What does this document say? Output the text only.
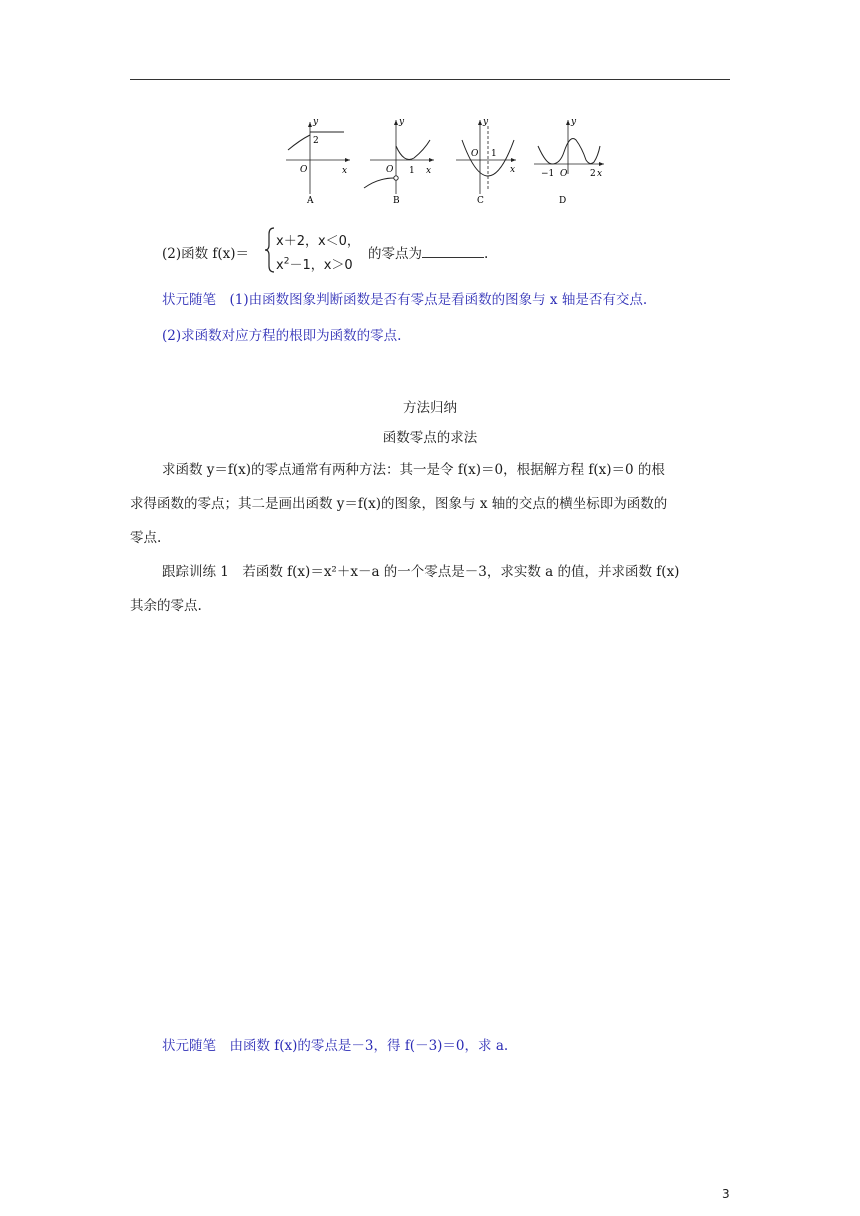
y
x
O
2
A
y
x
O 1
B
y
x
O 1
C
y
x
O
−1	2
D
(2)函数 f(x)＝
x＋2，x＜0，
$x^2-1$，x＞0
的零点为	.
状元随笔　(1)由函数图象判断函数是否有零点是看函数的图象与 x 轴是否有交点.
(2)求函数对应方程的根即为函数的零点.
方法归纳
函数零点的求法
求函数 y＝f(x)的零点通常有两种方法：其一是令 f(x)＝0，根据解方程 f(x)＝0 的根
求得函数的零点；其二是画出函数 y＝f(x)的图象，图象与 x 轴的交点的横坐标即为函数的
零点.
跟踪训练 1　若函数 f(x)＝x²＋x－a 的一个零点是－3，求实数 a 的值，并求函数 f(x)
其余的零点.
状元随笔　由函数 f(x)的零点是－3，得 f(－3)＝0，求 a.
3
